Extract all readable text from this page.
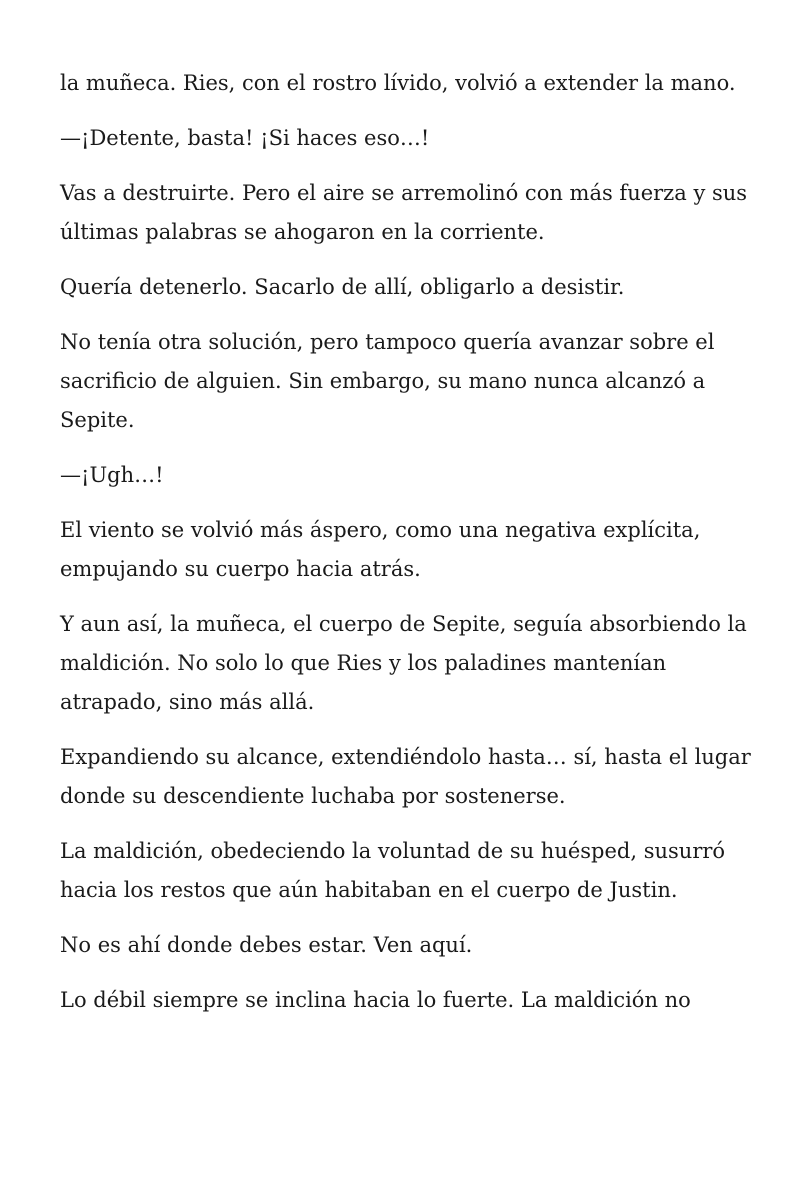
la muñeca. Ries, con el rostro lívido, volvió a extender la mano.

—¡Detente, basta! ¡Si haces eso…!

Vas a destruirte. Pero el aire se arremolinó con más fuerza y sus últimas palabras se ahogaron en la corriente.

Quería detenerlo. Sacarlo de allí, obligarlo a desistir.

No tenía otra solución, pero tampoco quería avanzar sobre el sacrificio de alguien. Sin embargo, su mano nunca alcanzó a Sepite.

—¡Ugh…!

El viento se volvió más áspero, como una negativa explícita, empujando su cuerpo hacia atrás.

Y aun así, la muñeca, el cuerpo de Sepite, seguía absorbiendo la maldición. No solo lo que Ries y los paladines mantenían atrapado, sino más allá.

Expandiendo su alcance, extendiéndolo hasta… sí, hasta el lugar donde su descendiente luchaba por sostenerse.

La maldición, obedeciendo la voluntad de su huésped, susurró hacia los restos que aún habitaban en el cuerpo de Justin.

No es ahí donde debes estar. Ven aquí.

Lo débil siempre se inclina hacia lo fuerte. La maldición no
